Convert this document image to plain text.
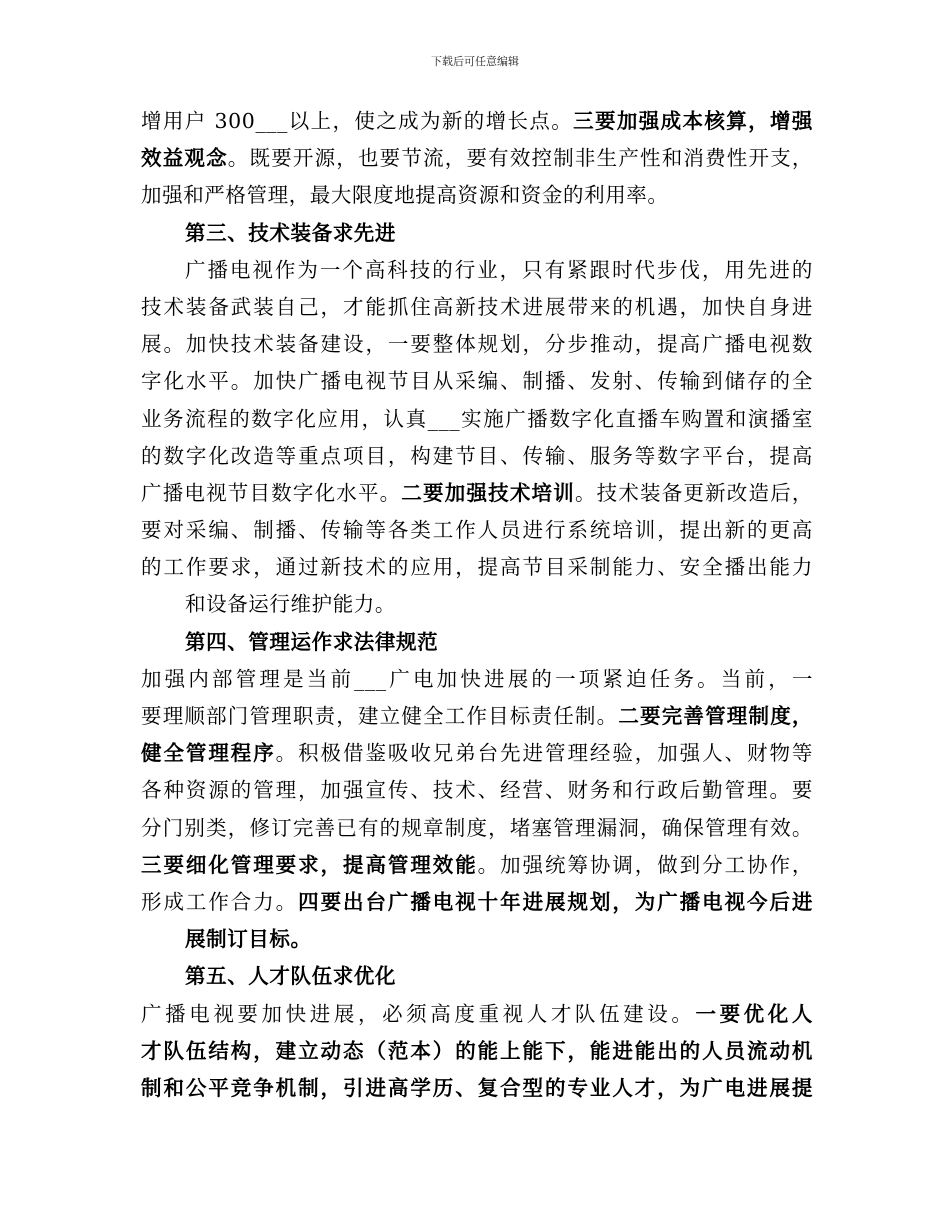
下载后可任意编辑
增用户 300___以上，使之成为新的增长点。三要加强成本核算，增强
效益观念。既要开源，也要节流，要有效控制非生产性和消费性开支，
加强和严格管理，最大限度地提高资源和资金的利用率。
第三、技术装备求先进
广播电视作为一个高科技的行业，只有紧跟时代步伐，用先进的
技术装备武装自己，才能抓住高新技术进展带来的机遇，加快自身进
展。加快技术装备建设，一要整体规划，分步推动，提高广播电视数
字化水平。加快广播电视节目从采编、制播、发射、传输到储存的全
业务流程的数字化应用，认真___实施广播数字化直播车购置和演播室
的数字化改造等重点项目，构建节目、传输、服务等数字平台，提高
广播电视节目数字化水平。二要加强技术培训。技术装备更新改造后，
要对采编、制播、传输等各类工作人员进行系统培训，提出新的更高
的工作要求，通过新技术的应用，提高节目采制能力、安全播出能力
和设备运行维护能力。
第四、管理运作求法律规范
加强内部管理是当前___广电加快进展的一项紧迫任务。当前，一
要理顺部门管理职责，建立健全工作目标责任制。二要完善管理制度，
健全管理程序。积极借鉴吸收兄弟台先进管理经验，加强人、财物等
各种资源的管理，加强宣传、技术、经营、财务和行政后勤管理。要
分门别类，修订完善已有的规章制度，堵塞管理漏洞，确保管理有效。
三要细化管理要求，提高管理效能。加强统筹协调，做到分工协作，
形成工作合力。四要出台广播电视十年进展规划，为广播电视今后进
展制订目标。
第五、人才队伍求优化
广播电视要加快进展，必须高度重视人才队伍建设。一要优化人
才队伍结构，建立动态（范本）的能上能下，能进能出的人员流动机
制和公平竞争机制，引进高学历、复合型的专业人才，为广电进展提
